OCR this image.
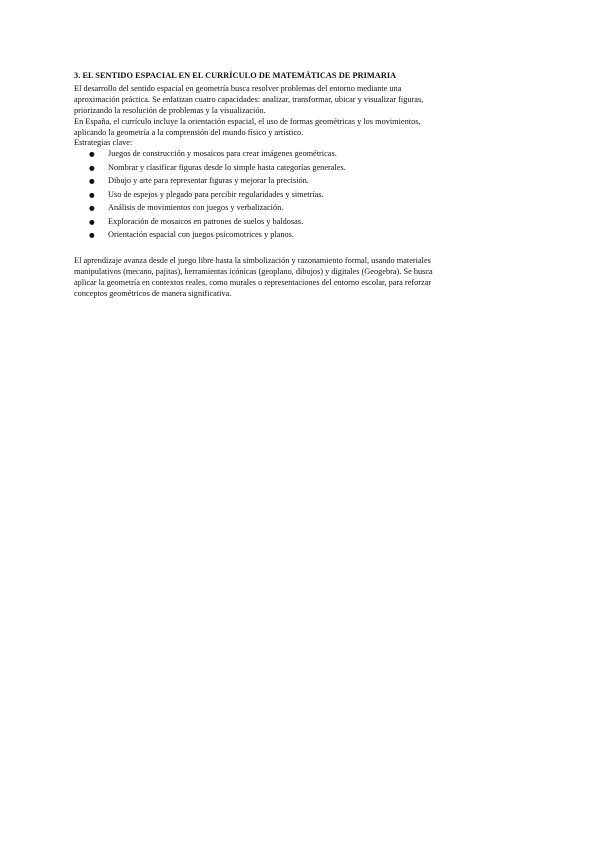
3. EL SENTIDO ESPACIAL EN EL CURRÍCULO DE MATEMÁTICAS DE PRIMARIA
El desarrollo del sentido espacial en geometría busca resolver problemas del entorno mediante una
aproximación práctica. Se enfatizan cuatro capacidades: analizar, transformar, ubicar y visualizar figuras,
priorizando la resolución de problemas y la visualización.
En España, el currículo incluye la orientación espacial, el uso de formas geométricas y los movimientos,
aplicando la geometría a la comprensión del mundo físico y artístico.
Estrategias clave:
● Juegos de construcción y mosaicos para crear imágenes geométricas.
● Nombrar y clasificar figuras desde lo simple hasta categorías generales.
● Dibujo y arte para representar figuras y mejorar la precisión.
● Uso de espejos y plegado para percibir regularidades y simetrías.
● Análisis de movimientos con juegos y verbalización.
● Exploración de mosaicos en patrones de suelos y baldosas.
● Orientación espacial con juegos psicomotrices y planos.
El aprendizaje avanza desde el juego libre hasta la simbolización y razonamiento formal, usando materiales
manipulativos (mecano, pajitas), herramientas icónicas (geoplano, dibujos) y digitales (Geogebra). Se busca
aplicar la geometría en contextos reales, como murales o representaciones del entorno escolar, para reforzar
conceptos geométricos de manera significativa.
